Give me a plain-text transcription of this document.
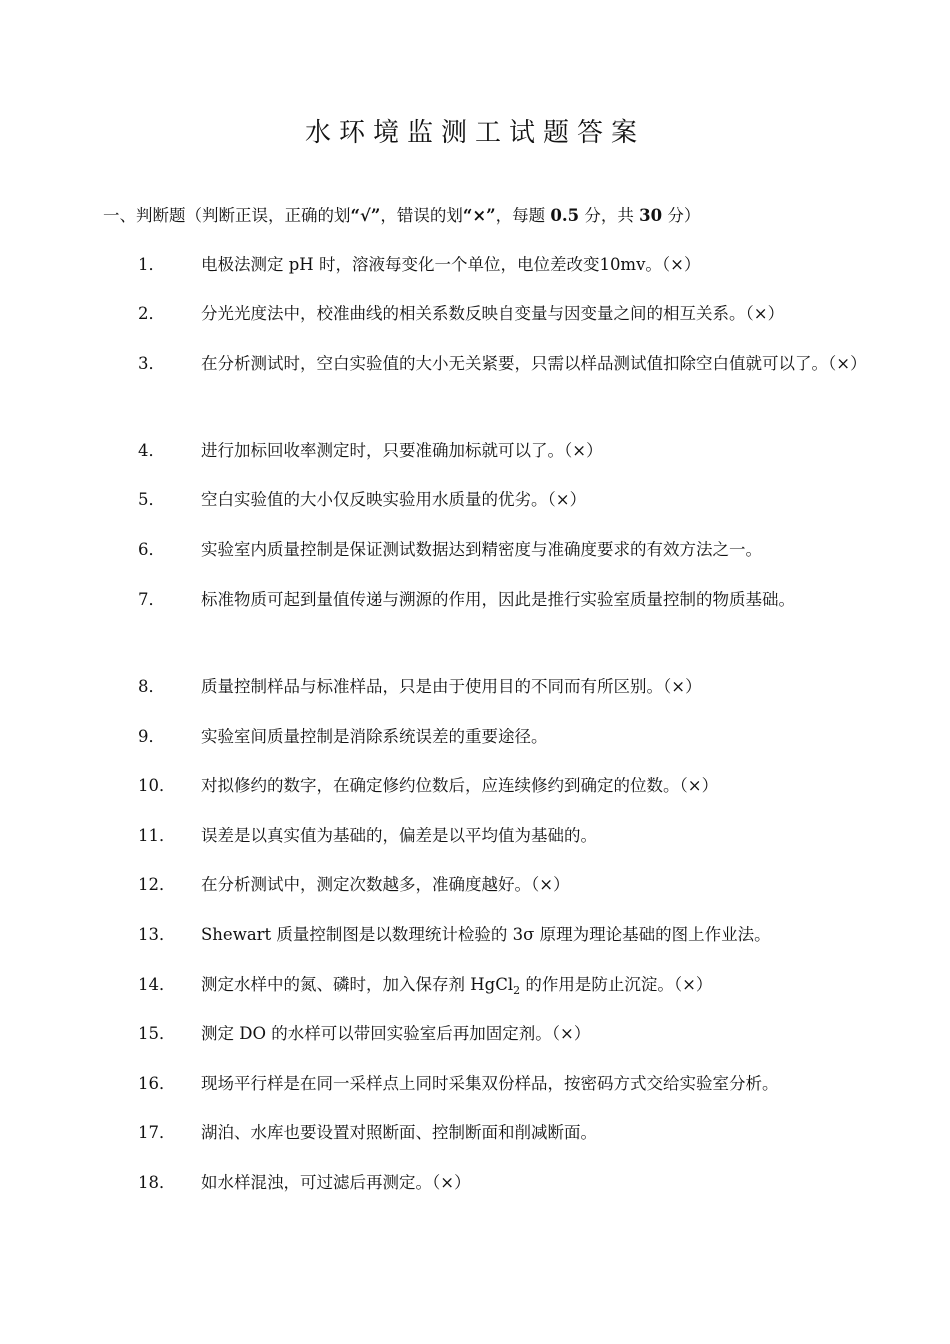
水环境监测工试题答案

一、判断题（判断正误，正确的划“√”，错误的划“×”，每题 0.5 分，共 30 分）

1．	电极法测定 pH 时，溶液每变化一个单位，电位差改变10mv。（×）
2．	分光光度法中，校准曲线的相关系数反映自变量与因变量之间的相互关系。（×）
3．	在分析测试时，空白实验值的大小无关紧要，只需以样品测试值扣除空白值就可以了。（×）
4．	进行加标回收率测定时，只要准确加标就可以了。（×）
5．	空白实验值的大小仅反映实验用水质量的优劣。（×）
6．	实验室内质量控制是保证测试数据达到精密度与准确度要求的有效方法之一。
7．	标准物质可起到量值传递与溯源的作用，因此是推行实验室质量控制的物质基础。
8．	质量控制样品与标准样品，只是由于使用目的不同而有所区别。（×）
9．	实验室间质量控制是消除系统误差的重要途径。
10．	对拟修约的数字，在确定修约位数后，应连续修约到确定的位数。（×）
11．	误差是以真实值为基础的，偏差是以平均值为基础的。
12．	在分析测试中，测定次数越多，准确度越好。（×）
13．	Shewart 质量控制图是以数理统计检验的 3σ 原理为理论基础的图上作业法。
14．	测定水样中的氮、磷时，加入保存剂 HgCl$_2$ 的作用是防止沉淀。（×）
15．	测定 DO 的水样可以带回实验室后再加固定剂。（×）
16．	现场平行样是在同一采样点上同时采集双份样品，按密码方式交给实验室分析。
17．	湖泊、水库也要设置对照断面、控制断面和削减断面。
18．	如水样混浊，可过滤后再测定。（×）
